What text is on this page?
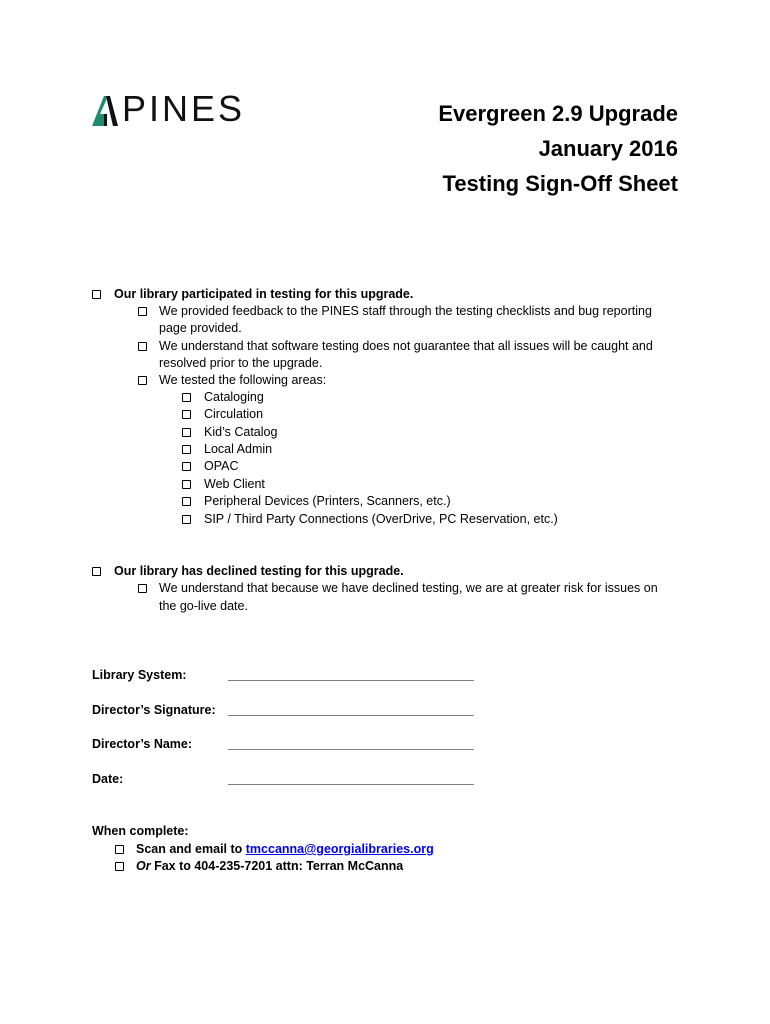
PINES	Evergreen 2.9 Upgrade
January 2016
Testing Sign-Off Sheet
Our library participated in testing for this upgrade.
We provided feedback to the PINES staff through the testing checklists and bug reporting
page provided.
We understand that software testing does not guarantee that all issues will be caught and
resolved prior to the upgrade.
We tested the following areas:
Cataloging
Circulation
Kid’s Catalog
Local Admin
OPAC
Web Client
Peripheral Devices (Printers, Scanners, etc.)
SIP / Third Party Connections (OverDrive, PC Reservation, etc.)
Our library has declined testing for this upgrade.
We understand that because we have declined testing, we are at greater risk for issues on
the go-live date.
Library System:	______________________________________
Director’s Signature: ______________________________________
Director’s Name:	______________________________________
Date:	______________________________________
When complete:
Scan and email to tmccanna@georgialibraries.org
Or Fax to 404-235-7201 attn: Terran McCanna
